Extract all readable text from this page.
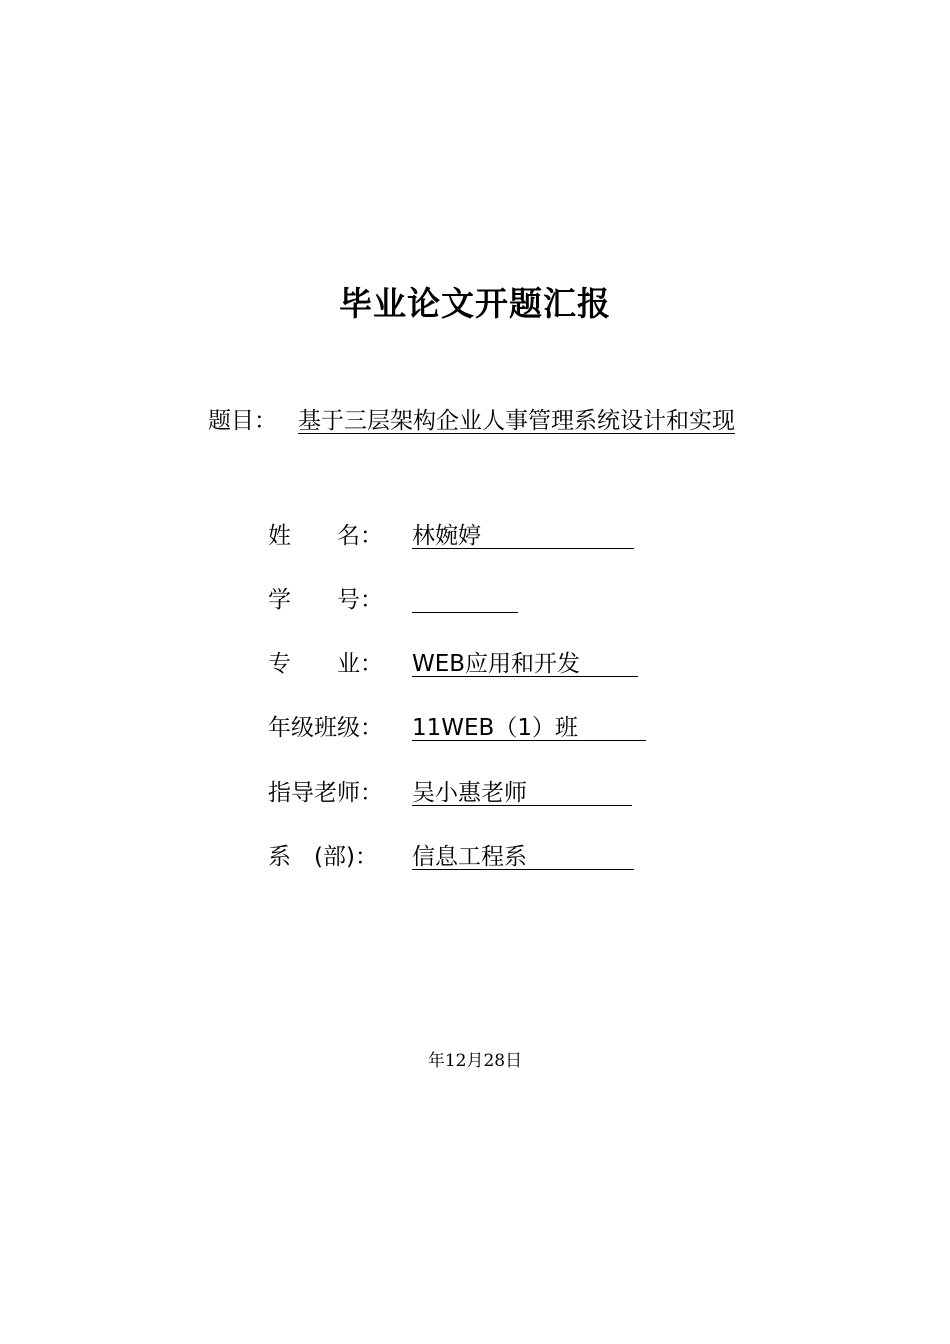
毕业论文开题汇报
题目： 基于三层架构企业人事管理系统设计和实现
姓　　名： 林婉婷
学　　号：
专　　业： WEB应用和开发
年级班级： 11WEB（1）班
指导老师： 吴小惠老师
系　(部)： 信息工程系
年12月28日
